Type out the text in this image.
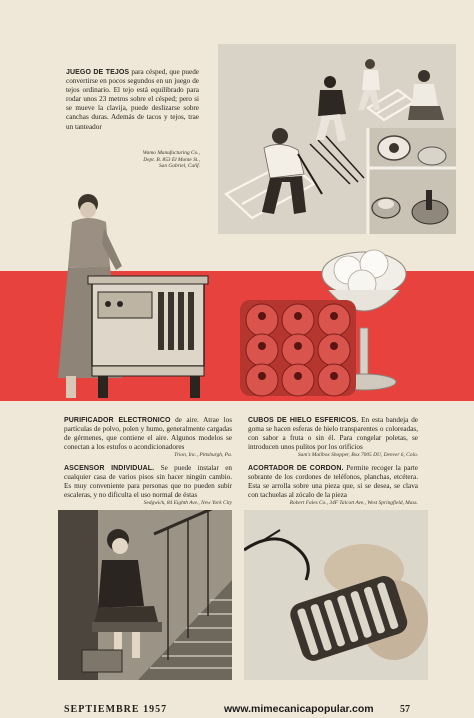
JUEGO DE TEJOS para césped, que puede convertirse en pocos segundos en un juego de tejos ordinario. El tejo está equilibrado para rodar unos 23 metros sobre el césped; pero si se mueve la clavija, puede deslizarse sobre canchas duras. Además de tacos y tejos, trae un tanteador
Wamo Manufacturing Co.,
Dept. B. 853 El Monte St.,
San Gabriel, Calif.
PURIFICADOR ELECTRONICO de aire. Atrae los partículas de polvo, polen y humo, generalmente cargadas de gérmenes, que contiene el aire. Algunos modelos se conectan a los estufos o acondicionadores
Trion, Inc., Pittsburgh, Pa.
CUBOS DE HIELO ESFERICOS. En esta bandeja de goma se hacen esferas de hielo transparentes o coloreadas, con sabor a fruta o sin él. Para congelar poletas, se introducen unos pulitos por los orificios
Sam's Mailbox Shopper, Box 7005 DU, Denver 6, Colo.
ASCENSOR INDIVIDUAL. Se puede instalar en cualquier casa de varios pisos sin hacer ningún cambio. Es muy conveniente para personas que no pueden subir escaleras, y no dificulta el uso normal de éstas
Sedgwick, 84 Eighth Ave., New York City
ACORTADOR DE CORDON. Permite recoger la parte sobrante de los cordones de teléfonos, planchas, etcétera. Esta se arrolla sobre una pieza que, si se desea, se clava con tachuelas al zócalo de la pieza
Robert Fales Co., 34F Talcott Ave., West Springfield, Mass.
SEPTIEMBRE 1957	www.mimecanicapopular.com	57
